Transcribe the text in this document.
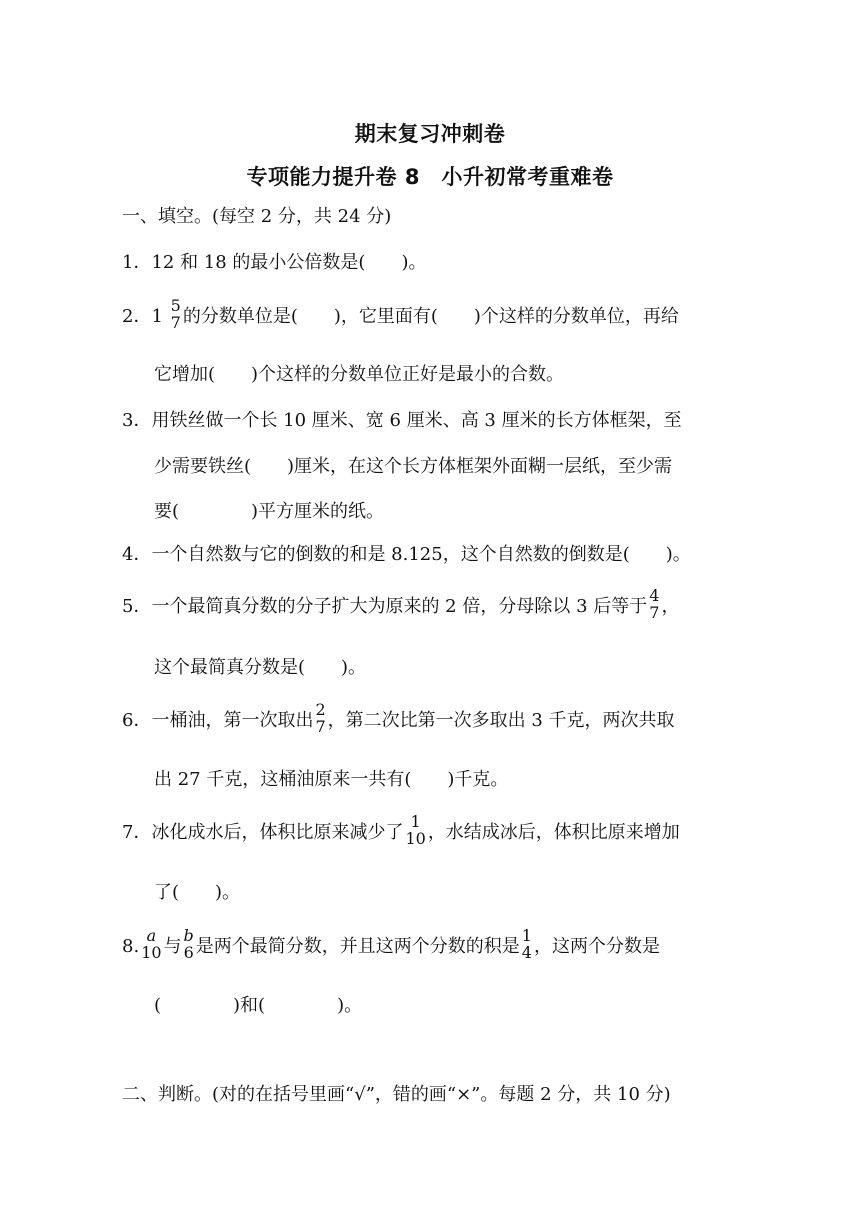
期末复习冲刺卷
专项能力提升卷 8　小升初常考重难卷
一、填空。(每空 2 分，共 24 分)
1．12 和 18 的最小公倍数是(　　)。
2．1
5
7 的分数单位是(　　)，它里面有(　　)个这样的分数单位，再给
它增加(　　)个这样的分数单位正好是最小的合数。
3．用铁丝做一个长 10 厘米、宽 6 厘米、高 3 厘米的长方体框架，至
少需要铁丝(　　)厘米，在这个长方体框架外面糊一层纸，至少需
要(　　　　)平方厘米的纸。
4．一个自然数与它的倒数的和是 8.125，这个自然数的倒数是(　　)。
5．一个最简真分数的分子扩大为原来的 2 倍，分母除以 3 后等于
4
7 ，
这个最简真分数是(　　)。
6．一桶油，第一次取出
2
7 ，第二次比第一次多取出 3 千克，两次共取
出 27 千克，这桶油原来一共有(　　)千克。
7．冰化成水后，体积比原来减少了
1
10 ，水结成冰后，体积比原来增加
了(　　)。
8.
a
10 与
b
6 是两个最简分数，并且这两个分数的积是
1
4 ，这两个分数是
(　　　　)和(　　　　)。
二、判断。(对的在括号里画“√”，错的画“×”。每题 2 分，共 10 分)
